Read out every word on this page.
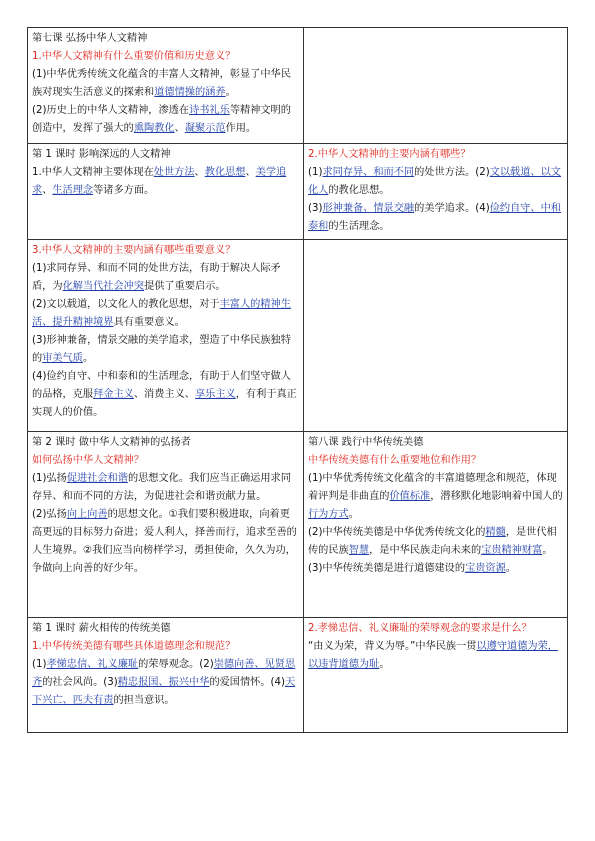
第七课 弘扬中华人文精神

1.中华人文精神有什么重要价值和历史意义？

(1)中华优秀传统文化蕴含的丰富人文精神，彰显了中华民族对现实生活意义的探索和道德情操的涵养。

(2)历史上的中华人文精神，渗透在诗书礼乐等精神文明的创造中，发挥了强大的熏陶教化、凝聚示范作用。

第 1 课时 影响深远的人文精神

1.中华人文精神主要体现在处世方法、教化思想、美学追求、生活理念等诸多方面。

2.中华人文精神的主要内涵有哪些？

(1)求同存异、和而不同的处世方法。(2)文以载道、以文化人的教化思想。

(3)形神兼备、情景交融的美学追求。(4)俭约自守、中和泰和的生活理念。

3.中华人文精神的主要内涵有哪些重要意义？

(1)求同存异、和而不同的处世方法，有助于解决人际矛盾，为化解当代社会冲突提供了重要启示。

(2)文以载道，以文化人的教化思想，对于丰富人的精神生活、提升精神境界具有重要意义。

(3)形神兼备，情景交融的美学追求，塑造了中华民族独特的审美气质。

(4)俭约自守、中和泰和的生活理念，有助于人们坚守做人的品格，克服拜金主义、消费主义、享乐主义，有利于真正实现人的价值。

第 2 课时 做中华人文精神的弘扬者

如何弘扬中华人文精神？

(1)弘扬促进社会和谐的思想文化。我们应当正确运用求同存异、和而不同的方法，为促进社会和谐贡献力量。

(2)弘扬向上向善的思想文化。①我们要积极进取，向着更高更远的目标努力奋进；爱人利人，择善而行，追求至善的人生境界。②我们应当向榜样学习，勇担使命，久久为功，争做向上向善的好少年。

第八课 践行中华传统美德

中华传统美德有什么重要地位和作用？

(1)中华优秀传统文化蕴含的丰富道德理念和规范，体现着评判是非曲直的价值标准，潜移默化地影响着中国人的行为方式。

(2)中华传统美德是中华优秀传统文化的精髓，是世代相传的民族智慧，是中华民族走向未来的宝贵精神财富。

(3)中华传统美德是进行道德建设的宝贵资源。

第 1 课时 薪火相传的传统美德

1.中华传统美德有哪些具体道德理念和规范？

(1)孝悌忠信、礼义廉耻的荣辱观念。(2)崇德向善、见贤思齐的社会风尚。(3)精忠报国、振兴中华的爱国情怀。(4)天下兴亡、匹夫有责的担当意识。

2.孝悌忠信、礼义廉耻的荣辱观念的要求是什么？

“由义为荣，背义为辱。”中华民族一贯以遵守道德为荣，以违背道德为耻。
